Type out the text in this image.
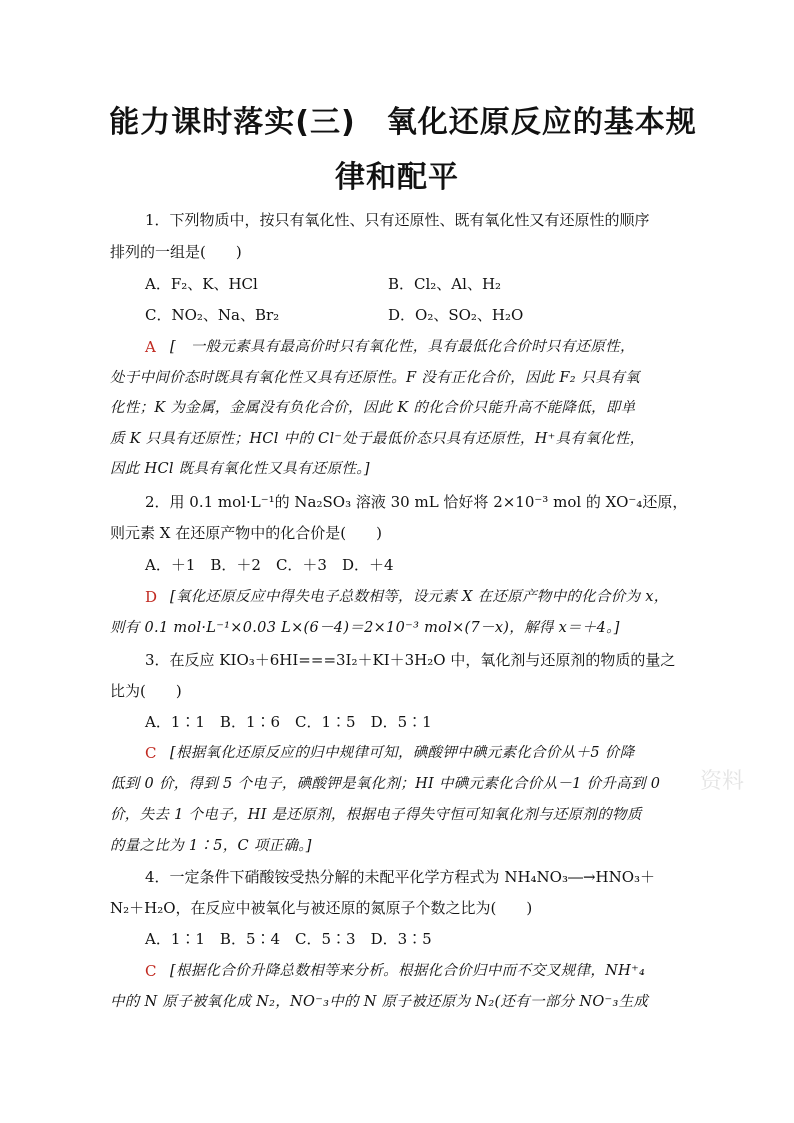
能力课时落实(三)　氧化还原反应的基本规
律和配平
1．下列物质中，按只有氧化性、只有还原性、既有氧化性又有还原性的顺序
排列的一组是(　　)
A．F₂、K、HCl	B．Cl₂、Al、H₂
C．NO₂、Na、Br₂	D．O₂、SO₂、H₂O
A [　一般元素具有最高价时只有氧化性，具有最低化合价时只有还原性，
处于中间价态时既具有氧化性又具有还原性。F 没有正化合价，因此 F₂ 只具有氧
化性；K 为金属，金属没有负化合价，因此 K 的化合价只能升高不能降低，即单
质 K 只具有还原性；HCl 中的 Cl⁻处于最低价态只具有还原性，H⁺具有氧化性，
因此 HCl 既具有氧化性又具有还原性。]
2．用 0.1 mol·L⁻¹的 Na₂SO₃ 溶液 30 mL 恰好将 2×10⁻³ mol 的 XO⁻₄还原，
则元素 X 在还原产物中的化合价是(　　)
A．＋1　B．＋2　C．＋3　D．＋4
D [氧化还原反应中得失电子总数相等，设元素 X 在还原产物中的化合价为 x，
则有 0.1 mol·L⁻¹×0.03 L×(6－4)＝2×10⁻³ mol×(7－x)，解得 x＝＋4。]
3．在反应 KIO₃＋6HI===3I₂＋KI＋3H₂O 中，氧化剂与还原剂的物质的量之
比为(　　)
A．1∶1　B．1∶6　C．1∶5　D．5∶1
C [根据氧化还原反应的归中规律可知，碘酸钾中碘元素化合价从＋5 价降
低到 0 价，得到 5 个电子，碘酸钾是氧化剂；HI 中碘元素化合价从－1 价升高到 0
价，失去 1 个电子，HI 是还原剂，根据电子得失守恒可知氧化剂与还原剂的物质
的量之比为 1∶5，C 项正确。]
4．一定条件下硝酸铵受热分解的未配平化学方程式为 NH₄NO₃―→HNO₃＋
N₂＋H₂O，在反应中被氧化与被还原的氮原子个数之比为(　　)
A．1∶1　B．5∶4　C．5∶3　D．3∶5
C [根据化合价升降总数相等来分析。根据化合价归中而不交叉规律，NH⁺₄
中的 N 原子被氧化成 N₂，NO⁻₃中的 N 原子被还原为 N₂(还有一部分 NO⁻₃生成
资料
